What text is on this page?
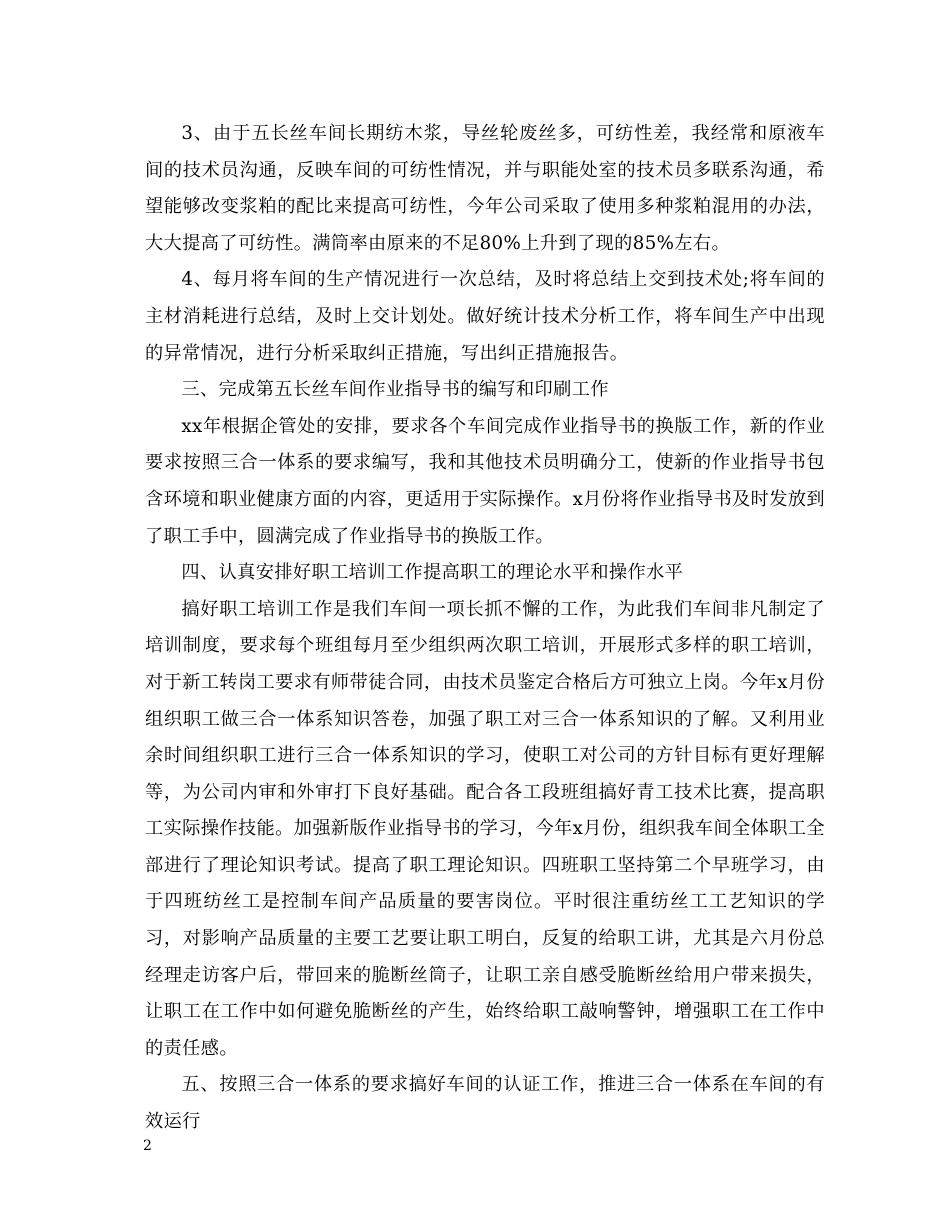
3、由于五长丝车间长期纺木浆，导丝轮废丝多，可纺性差，我经常和原液车间的技术员沟通，反映车间的可纺性情况，并与职能处室的技术员多联系沟通，希望能够改变浆粕的配比来提高可纺性，今年公司采取了使用多种浆粕混用的办法，大大提高了可纺性。满筒率由原来的不足80%上升到了现的85%左右。

4、每月将车间的生产情况进行一次总结，及时将总结上交到技术处;将车间的主材消耗进行总结，及时上交计划处。做好统计技术分析工作，将车间生产中出现的异常情况，进行分析采取纠正措施，写出纠正措施报告。

三、完成第五长丝车间作业指导书的编写和印刷工作

xx年根据企管处的安排，要求各个车间完成作业指导书的换版工作，新的作业要求按照三合一体系的要求编写，我和其他技术员明确分工，使新的作业指导书包含环境和职业健康方面的内容，更适用于实际操作。x月份将作业指导书及时发放到了职工手中，圆满完成了作业指导书的换版工作。

四、认真安排好职工培训工作提高职工的理论水平和操作水平

搞好职工培训工作是我们车间一项长抓不懈的工作，为此我们车间非凡制定了培训制度，要求每个班组每月至少组织两次职工培训，开展形式多样的职工培训，对于新工转岗工要求有师带徒合同，由技术员鉴定合格后方可独立上岗。今年x月份组织职工做三合一体系知识答卷，加强了职工对三合一体系知识的了解。又利用业余时间组织职工进行三合一体系知识的学习，使职工对公司的方针目标有更好理解等，为公司内审和外审打下良好基础。配合各工段班组搞好青工技术比赛，提高职工实际操作技能。加强新版作业指导书的学习，今年x月份，组织我车间全体职工全部进行了理论知识考试。提高了职工理论知识。四班职工坚持第二个早班学习，由于四班纺丝工是控制车间产品质量的要害岗位。平时很注重纺丝工工艺知识的学习，对影响产品质量的主要工艺要让职工明白，反复的给职工讲，尤其是六月份总经理走访客户后，带回来的脆断丝筒子，让职工亲自感受脆断丝给用户带来损失，让职工在工作中如何避免脆断丝的产生，始终给职工敲响警钟，增强职工在工作中的责任感。

五、按照三合一体系的要求搞好车间的认证工作，推进三合一体系在车间的有效运行

2
